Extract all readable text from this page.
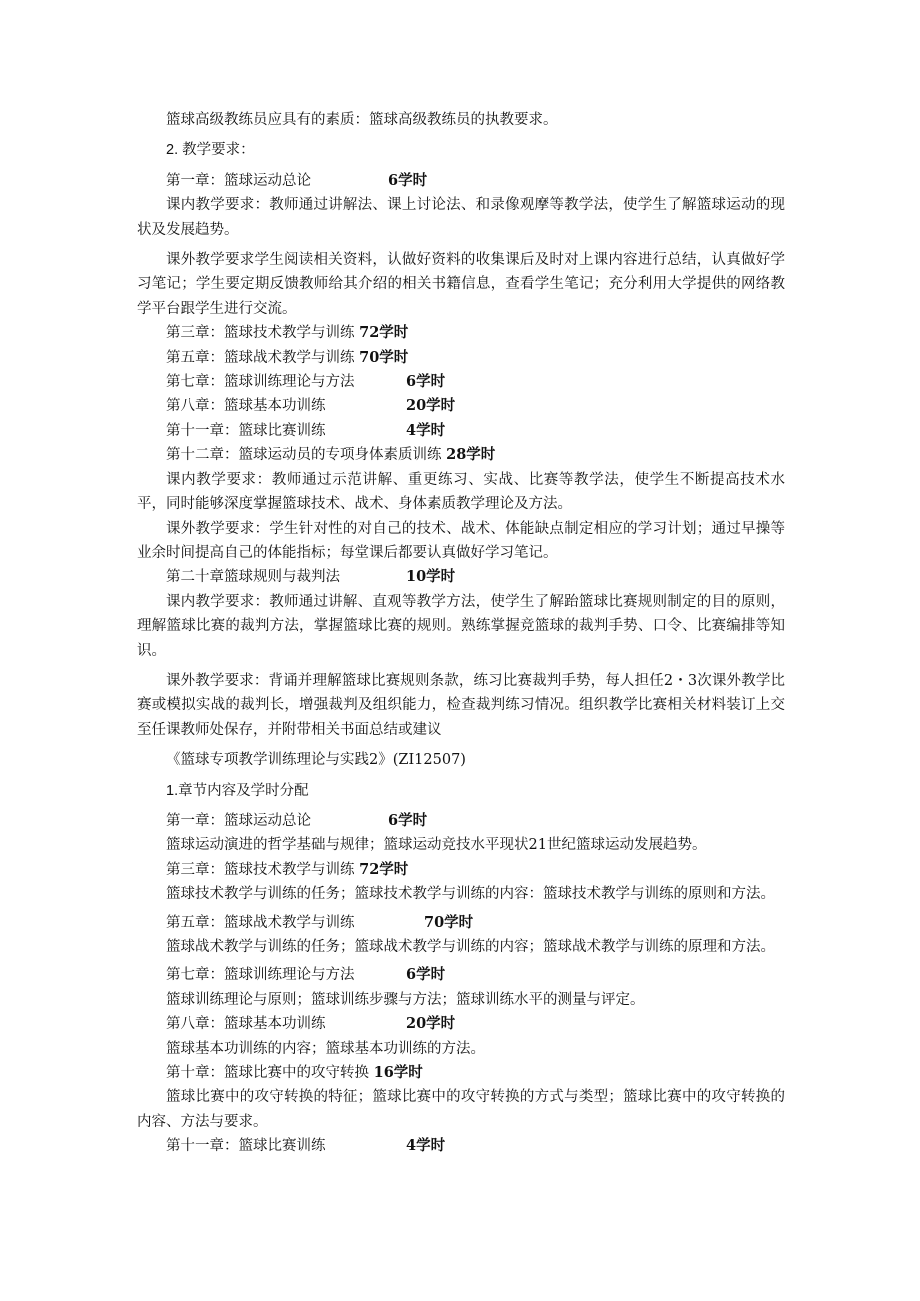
篮球高级教练员应具有的素质：篮球高级教练员的执教要求。

2. 教学要求：

第一章：篮球运动总论	6学时

课内教学要求：教师通过讲解法、课上讨论法、和录像观摩等教学法，使学生了解篮球运动的现状及发展趋势。

课外教学要求学生阅读相关资料，认做好资料的收集课后及时对上课内容进行总结，认真做好学习笔记；学生要定期反馈教师给其介绍的相关书籍信息，查看学生笔记；充分利用大学提供的网络教学平台跟学生进行交流。

第三章：篮球技术教学与训练 72学时

第五章：篮球战术教学与训练 70学时

第七章：篮球训练理论与方法	6学时

第八章：篮球基本功训练	20学时

第十一章：篮球比赛训练	4学时

第十二章：篮球运动员的专项身体素质训练 28学时

课内教学要求：教师通过示范讲解、重更练习、实战、比赛等教学法，使学生不断提高技术水平，同时能够深度掌握篮球技术、战术、身体素质教学理论及方法。

课外教学要求：学生针对性的对自己的技术、战术、体能缺点制定相应的学习计划；通过早操等业余时间提高自己的体能指标；每堂课后都要认真做好学习笔记。

第二十章篮球规则与裁判法	10学时

课内教学要求：教师通过讲解、直观等教学方法，使学生了解跆篮球比赛规则制定的目的原则，理解篮球比赛的裁判方法，掌握篮球比赛的规则。熟练掌握竞篮球的裁判手势、口令、比赛编排等知识。

课外教学要求：背诵并理解篮球比赛规则条款，练习比赛裁判手势，每人担任2・3次课外教学比赛或模拟实战的裁判长，增强裁判及组织能力，检查裁判练习情况。组织教学比赛相关材料装订上交至任课教师处保存，并附带相关书面总结或建议

《篮球专项教学训练理论与实践2》(ZI12507)

1.章节内容及学时分配

第一章：篮球运动总论	6学时

篮球运动演进的哲学基础与规律；篮球运动竞技水平现状21世纪篮球运动发展趋势。

第三章：篮球技术教学与训练 72学时

篮球技术教学与训练的任务；篮球技术教学与训练的内容：篮球技术教学与训练的原则和方法。

第五章：篮球战术教学与训练	70学时

篮球战术教学与训练的任务；篮球战术教学与训练的内容；篮球战术教学与训练的原理和方法。

第七章：篮球训练理论与方法	6学时

篮球训练理论与原则；篮球训练步骤与方法；篮球训练水平的测量与评定。

第八章：篮球基本功训练	20学时

篮球基本功训练的内容；篮球基本功训练的方法。

第十章：篮球比赛中的攻守转换 16学时

篮球比赛中的攻守转换的特征；篮球比赛中的攻守转换的方式与类型；篮球比赛中的攻守转换的内容、方法与要求。

第十一章：篮球比赛训练	4学时
